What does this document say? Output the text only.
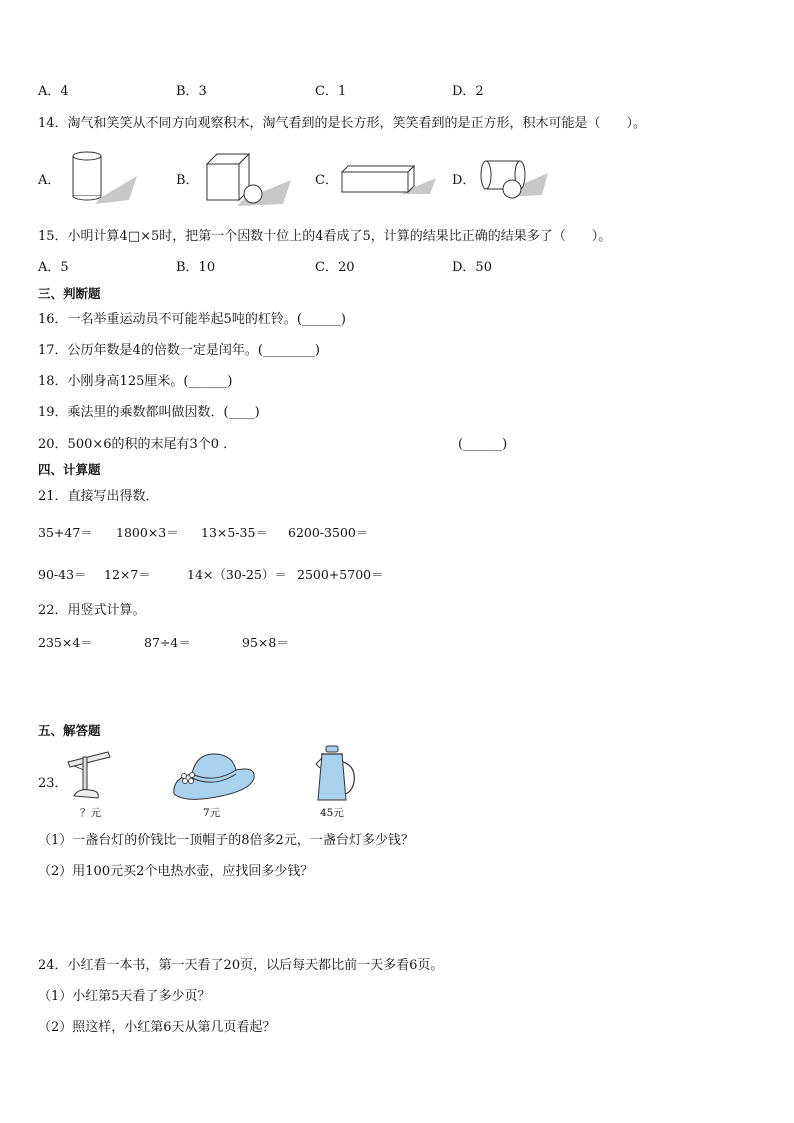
A．4	B．3	C．1	D．2
14．淘气和笑笑从不同方向观察积木，淘气看到的是长方形，笑笑看到的是正方形，积木可能是（　　）。
A．	B．	C．	D．
15．小明计算4□×5时，把第一个因数十位上的4看成了5，计算的结果比正确的结果多了（　　）。
A．5	B．10	C．20	D．50
三、判断题
16．一名举重运动员不可能举起5吨的杠铃。(______)
17．公历年数是4的倍数一定是闰年。(________)
18．小刚身高125厘米。(______)
19．乘法里的乘数都叫做因数．(____)
20．500×6的积的末尾有3个0 ．	(______)
四、计算题
21．直接写出得数．
35+47＝ 1800×3＝ 13×5-35＝ 6200-3500＝
90-43＝ 12×7＝	14×（30-25）＝ 2500+5700＝
22．用竖式计算。
235×4＝	87÷4＝	95×8＝
五、解答题
23．
？元	7元	45元
（1）一盏台灯的价钱比一顶帽子的8倍多2元，一盏台灯多少钱？
（2）用100元买2个电热水壶，应找回多少钱？
24．小红看一本书，第一天看了20页，以后每天都比前一天多看6页。
（1）小红第5天看了多少页？
（2）照这样，小红第6天从第几页看起？
